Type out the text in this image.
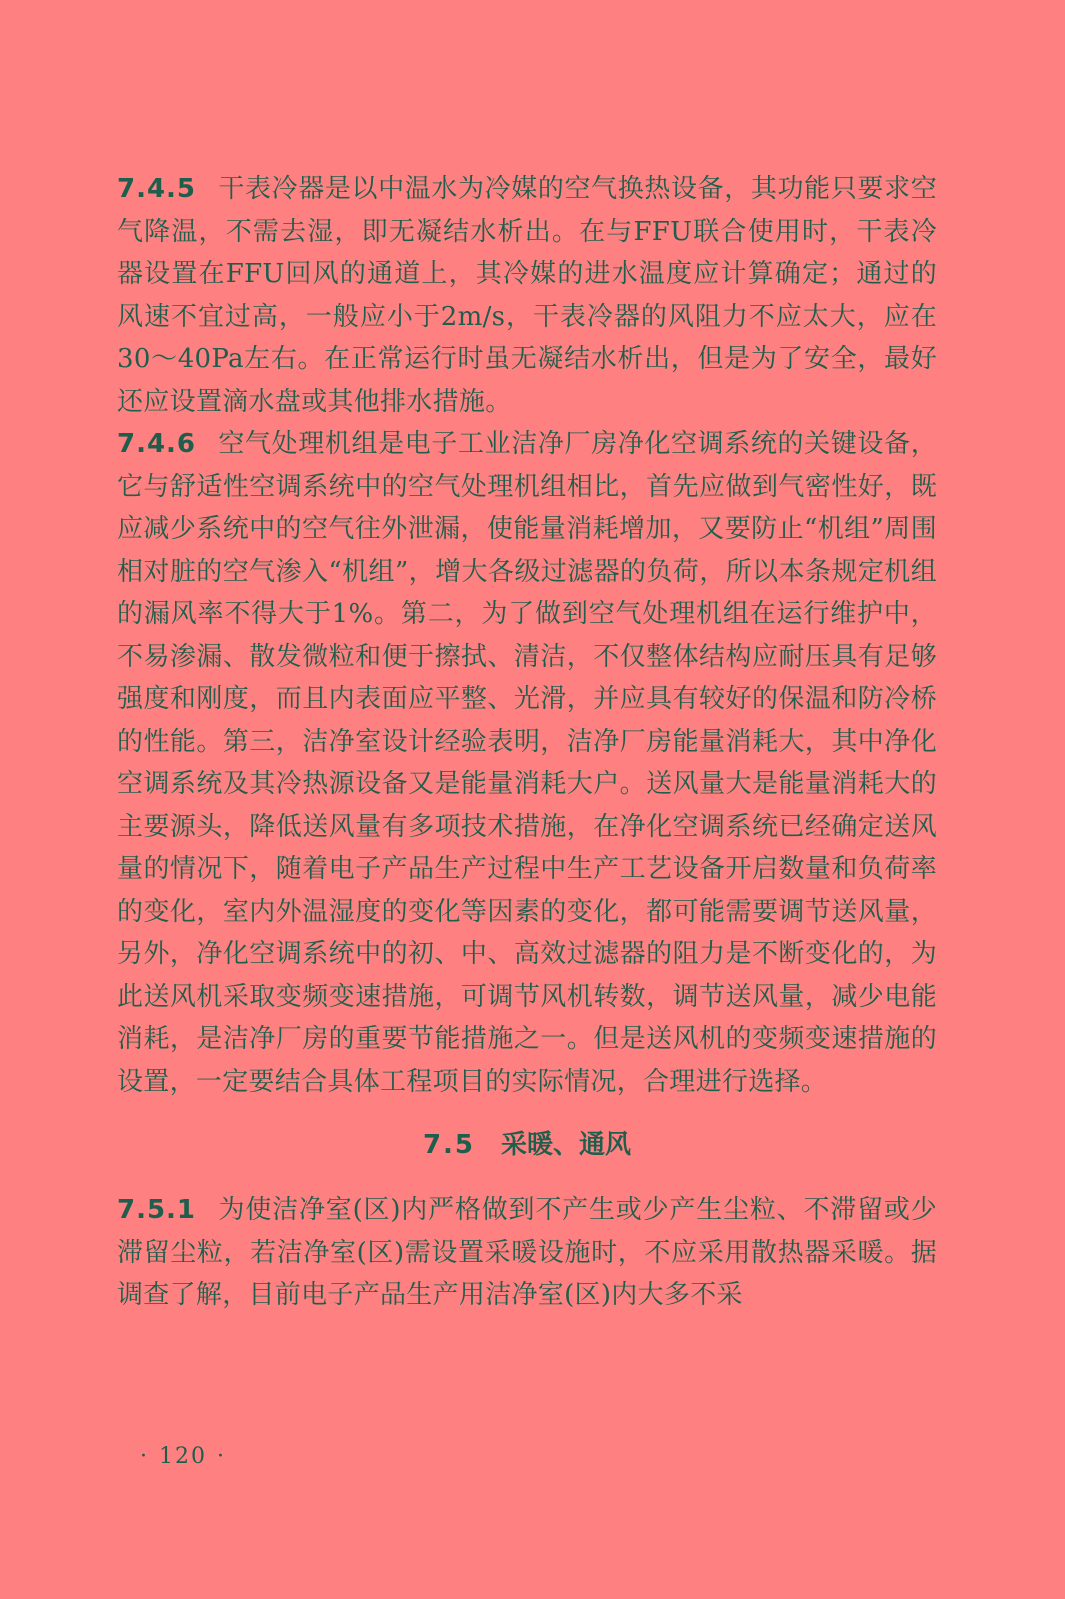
7.4.5 干表冷器是以中温水为冷媒的空气换热设备，其功能只要求空气降温，不需去湿，即无凝结水析出。在与FFU联合使用时，干表冷器设置在FFU回风的通道上，其冷媒的进水温度应计算确定；通过的风速不宜过高，一般应小于2m/s，干表冷器的风阻力不应太大，应在30～40Pa左右。在正常运行时虽无凝结水析出，但是为了安全，最好还应设置滴水盘或其他排水措施。

7.4.6 空气处理机组是电子工业洁净厂房净化空调系统的关键设备，它与舒适性空调系统中的空气处理机组相比，首先应做到气密性好，既应减少系统中的空气往外泄漏，使能量消耗增加，又要防止“机组”周围相对脏的空气渗入“机组”，增大各级过滤器的负荷，所以本条规定机组的漏风率不得大于1%。第二，为了做到空气处理机组在运行维护中，不易渗漏、散发微粒和便于擦拭、清洁，不仅整体结构应耐压具有足够强度和刚度，而且内表面应平整、光滑，并应具有较好的保温和防冷桥的性能。第三，洁净室设计经验表明，洁净厂房能量消耗大，其中净化空调系统及其冷热源设备又是能量消耗大户。送风量大是能量消耗大的主要源头，降低送风量有多项技术措施，在净化空调系统已经确定送风量的情况下，随着电子产品生产过程中生产工艺设备开启数量和负荷率的变化，室内外温湿度的变化等因素的变化，都可能需要调节送风量，另外，净化空调系统中的初、中、高效过滤器的阻力是不断变化的，为此送风机采取变频变速措施，可调节风机转数，调节送风量，减少电能消耗，是洁净厂房的重要节能措施之一。但是送风机的变频变速措施的设置，一定要结合具体工程项目的实际情况，合理进行选择。

7.5 采暖、通风

7.5.1 为使洁净室(区)内严格做到不产生或少产生尘粒、不滞留或少滞留尘粒，若洁净室(区)需设置采暖设施时，不应采用散热器采暖。据调查了解，目前电子产品生产用洁净室(区)内大多不采

· 120 ·
